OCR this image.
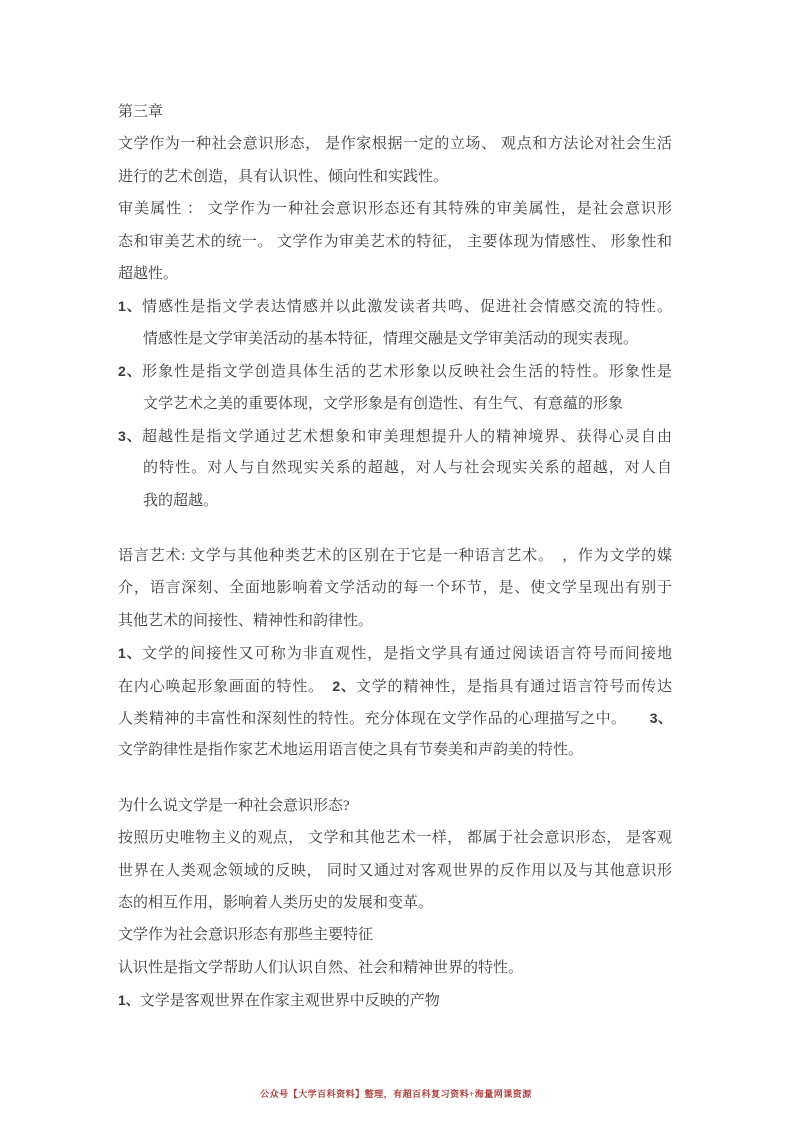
第三章
文学作为一种社会意识形态， 是作家根据一定的立场、 观点和方法论对社会生活
进行的艺术创造，具有认识性、倾向性和实践性。
审美属性 ： 文学作为一种社会意识形态还有其特殊的审美属性，是社会意识形
态和审美艺术的统一。 文学作为审美艺术的特征， 主要体现为情感性、 形象性和
超越性。
1、情感性是指文学表达情感并以此激发读者共鸣、促进社会情感交流的特性。
情感性是文学审美活动的基本特征，情理交融是文学审美活动的现实表现。
2、形象性是指文学创造具体生活的艺术形象以反映社会生活的特性。形象性是
文学艺术之美的重要体现，文学形象是有创造性、有生气、有意蕴的形象
3、超越性是指文学通过艺术想象和审美理想提升人的精神境界、获得心灵自由
的特性。对人与自然现实关系的超越，对人与社会现实关系的超越，对人自
我的超越。
语言艺术: 文学与其他种类艺术的区别在于它是一种语言艺术。　，作为文学的媒
介，语言深刻、全面地影响着文学活动的每一个环节，是、使文学呈现出有别于
其他艺术的间接性、精神性和韵律性。
1、文学的间接性又可称为非直观性，是指文学具有通过阅读语言符号而间接地
在内心唤起形象画面的特性。　2、文学的精神性，是指具有通过语言符号而传达
人类精神的丰富性和深刻性的特性。充分体现在文学作品的心理描写之中。　　3、
文学韵律性是指作家艺术地运用语言使之具有节奏美和声韵美的特性。
为什么说文学是一种社会意识形态?
按照历史唯物主义的观点， 文学和其他艺术一样， 都属于社会意识形态， 是客观
世界在人类观念领域的反映， 同时又通过对客观世界的反作用以及与其他意识形
态的相互作用，影响着人类历史的发展和变革。
文学作为社会意识形态有那些主要特征
认识性是指文学帮助人们认识自然、社会和精神世界的特性。
1、文学是客观世界在作家主观世界中反映的产物
公众号【大学百科资料】整理，有超百科复习资料+海量网课资源
